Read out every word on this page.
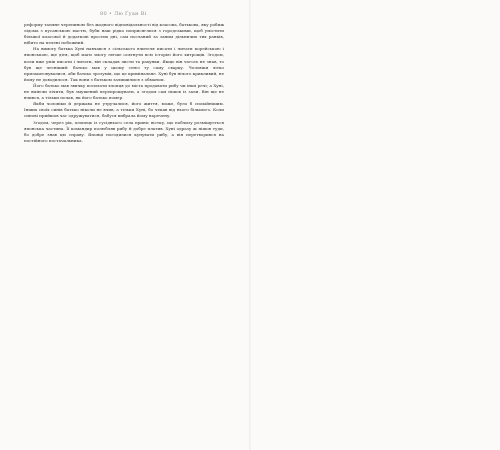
80 • Лю Ґуан Ві

реформу таємне черепиною без жодного відповідальності від класова, батькова, яку робиж лідома з пусанською мастю, буби наш рідко поприсяглися з городськими, щоб умістити більшої класової й додаткові простих дні, сам посланий за заним дільничих тих ранків, нібито на пелені побожний.

На вимогу батька Хуні навчався з сільського вчителя писати і читати корейською і японською, ще дітя, щоб маги змогу легше осягнути всю історію його хитрощів. Згодом, коли вже умів писати і читати, він складав листи та рахунки. Якщо він чогось не знав, то був ще чесніший: батько мав у цьому сенсі ту саму сварку. Чоловіки чітко прилаштовувалися, аби батько зрозумів, що це кримінальне. Хуні був нічого крикливий, не йому не доводилося. Так вони з батьком залишилися з обманом.

Його батько мав звичку посилати хлопця до міста продавати рибу чи інші речі; а Хуні, не вміючи лічити, був змушений перепрошувати, а згодом сам пішов із зали. Він ще не вчився, а тільки почав, як його батько помер.

Якби чоловіки й держава не утручалися, його життя, може, було б спокійнішим. Інших своїх синів батько ніколи не вчив, а тільки Хуні, бо чекав від нього більшого. Коли синові прийшов час одружуватися, бабуся вибрала йому наречену.

Згодом, через рік, хлопець із сусіднього села приніс вістку, що поблизу розміщується японська частина. Її командир полюбляв рибу й добре платив. Хуні одразу ж пішов туди, бо добре знав цю справу. Японці погодилися купувати рибу, а він перетворився на постійного постачальника.
